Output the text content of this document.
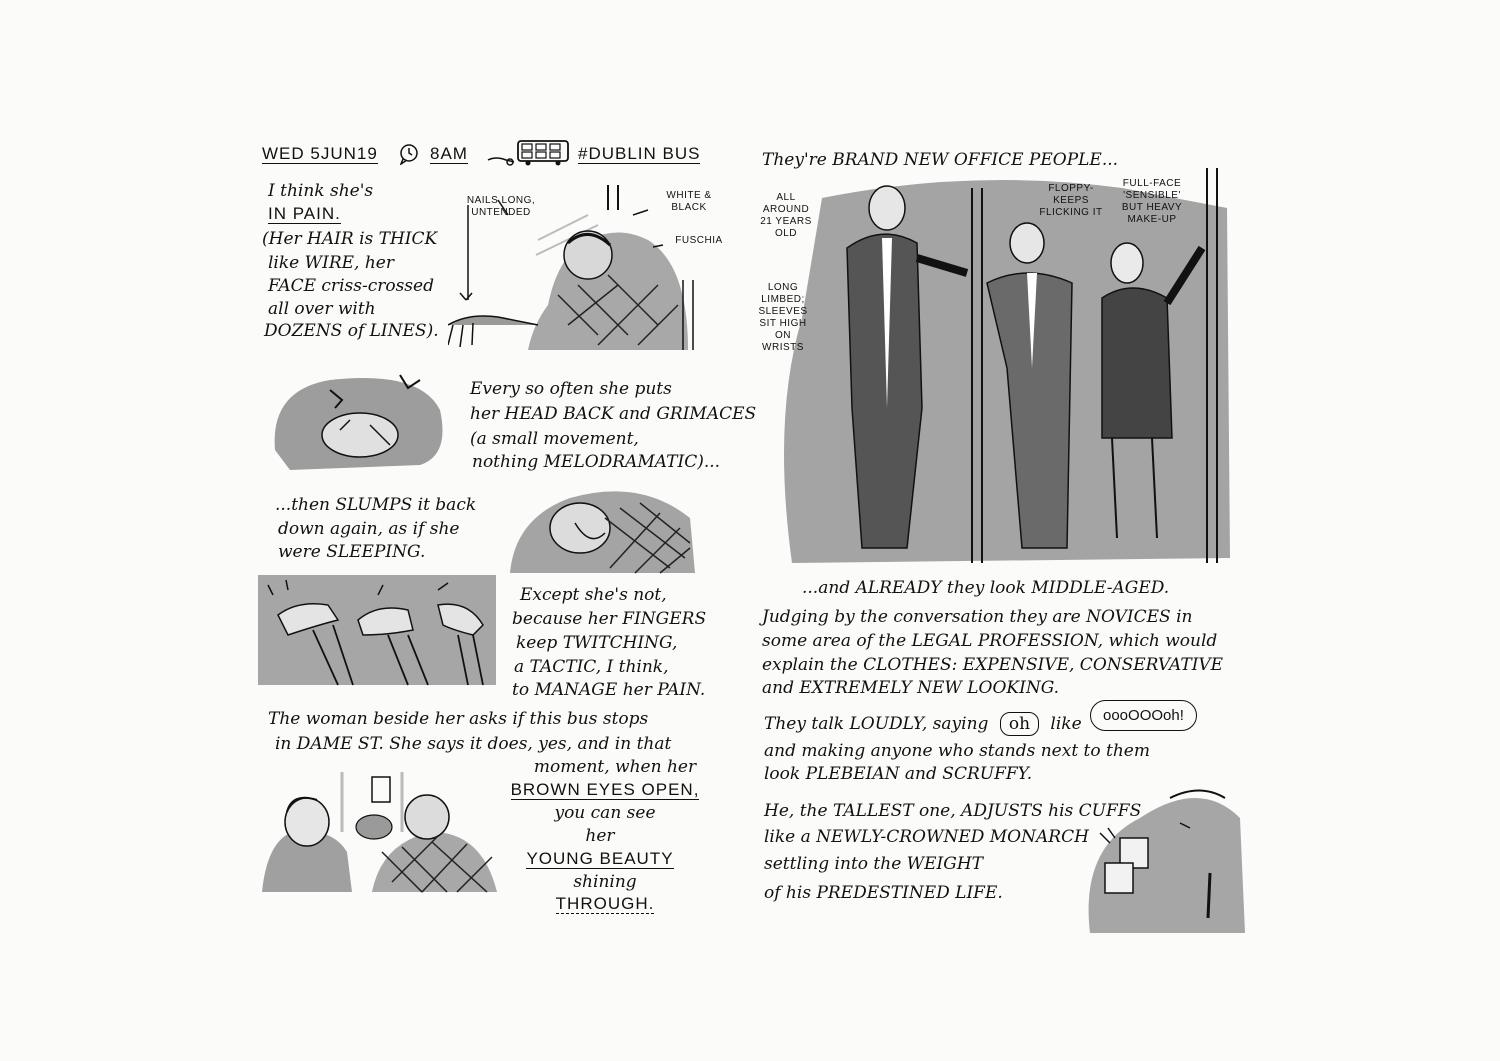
WED 5JUN19	8AM	#DUBLIN BUS
I think she's
IN PAIN.
(Her HAIR is THICK
like WIRE, her
FACE criss-crossed
all over with
DOZENS of LINES).
NAILS LONG, UNTENDED
WHITE & BLACK
FUSCHIA
Every so often she puts
her HEAD BACK and GRIMACES
(a small movement,
nothing MELODRAMATIC)...
...then SLUMPS it back
down again, as if she
were SLEEPING.
Except she's not,
because her FINGERS
keep TWITCHING,
a TACTIC, I think,
to MANAGE her PAIN.
The woman beside her asks if this bus stops
in DAME ST. She says it does, yes, and in that
moment, when her
BROWN EYES OPEN,
you can see
her
YOUNG BEAUTY
shining
THROUGH.
They're BRAND NEW OFFICE PEOPLE...
ALL AROUND 21 YEARS OLD
FLOPPY- KEEPS FLICKING IT
FULL-FACE 'SENSIBLE' BUT HEAVY MAKE-UP
LONG LIMBED; SLEEVES SIT HIGH ON WRISTS
...and ALREADY they look MIDDLE-AGED.
Judging by the conversation they are NOVICES in
some area of the LEGAL PROFESSION, which would
explain the CLOTHES: EXPENSIVE, CONSERVATIVE
and EXTREMELY NEW LOOKING.
They talk LOUDLY, saying oh like	oooOOOoh!
and making anyone who stands next to them
look PLEBEIAN and SCRUFFY.
He, the TALLEST one, ADJUSTS his CUFFS
like a NEWLY-CROWNED MONARCH
settling into the WEIGHT
of his PREDESTINED LIFE.
